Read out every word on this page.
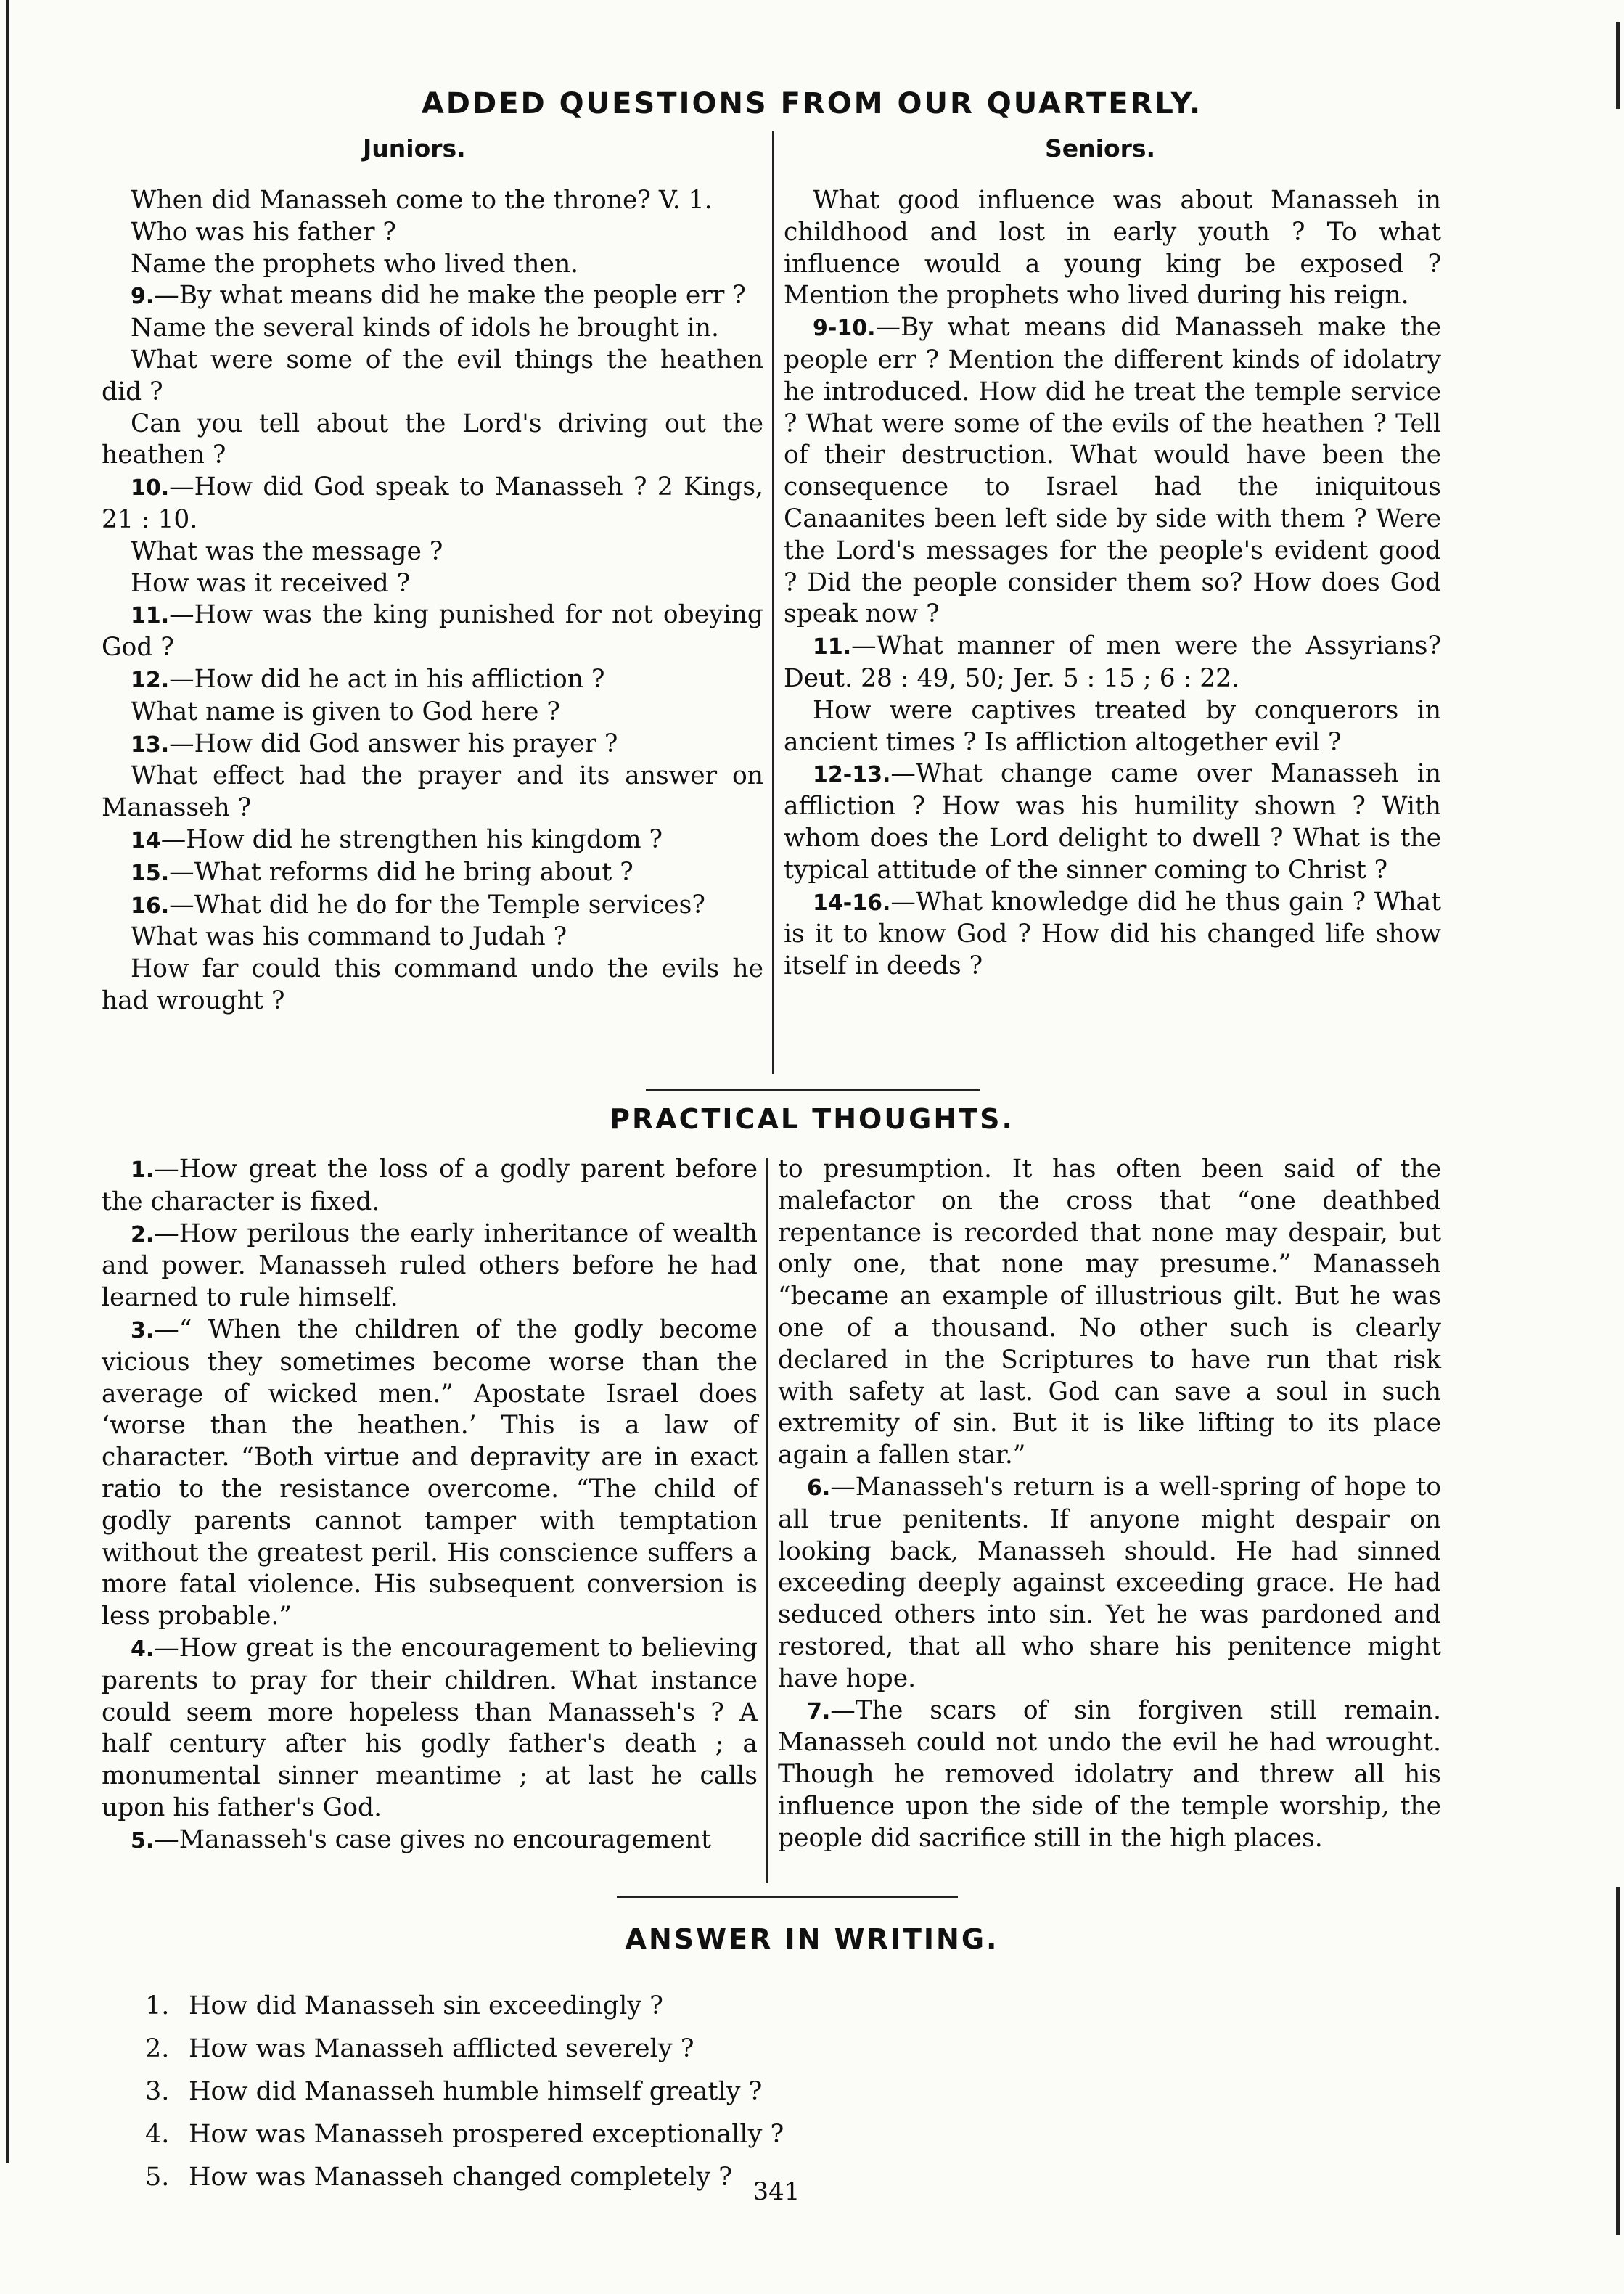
ADDED QUESTIONS FROM OUR QUARTERLY.
Juniors.	Seniors.

When did Manasseh come to the throne? V. 1.

Who was his father ?

Name the prophets who lived then.

9.—By what means did he make the people err ?

Name the several kinds of idols he brought in.

What were some of the evil things the heathen did ?

Can you tell about the Lord's driving out the heathen ?

10.—How did God speak to Manasseh ? 2 Kings, 21 : 10.

What was the message ?

How was it received ?

11.—How was the king punished for not obeying God ?

12.—How did he act in his affliction ?

What name is given to God here ?

13.—How did God answer his prayer ?

What effect had the prayer and its answer on Manasseh ?

14—How did he strengthen his kingdom ?

15.—What reforms did he bring about ?

16.—What did he do for the Temple services?

What was his command to Judah ?

How far could this command undo the evils he had wrought ?

What good influence was about Manasseh in childhood and lost in early youth ? To what influence would a young king be exposed ? Mention the prophets who lived during his reign.

9-10.—By what means did Manasseh make the people err ? Mention the different kinds of idolatry he introduced. How did he treat the temple service ? What were some of the evils of the heathen ? Tell of their destruction. What would have been the consequence to Israel had the iniquitous Canaanites been left side by side with them ? Were the Lord's messages for the people's evident good ? Did the people consider them so? How does God speak now ?

11.—What manner of men were the Assyrians? Deut. 28 : 49, 50; Jer. 5 : 15 ; 6 : 22.

How were captives treated by conquerors in ancient times ? Is affliction altogether evil ?

12-13.—What change came over Manasseh in affliction ? How was his humility shown ? With whom does the Lord delight to dwell ? What is the typical attitude of the sinner coming to Christ ?

14-16.—What knowledge did he thus gain ? What is it to know God ? How did his changed life show itself in deeds ?

PRACTICAL THOUGHTS.

1.—How great the loss of a godly parent before the character is fixed.

2.—How perilous the early inheritance of wealth and power. Manasseh ruled others before he had learned to rule himself.

3.—“ When the children of the godly become vicious they sometimes become worse than the average of wicked men.” Apostate Israel does ‘worse than the heathen.’ This is a law of character. “Both virtue and depravity are in exact ratio to the resistance overcome. “The child of godly parents cannot tamper with temptation without the greatest peril. His conscience suffers a more fatal violence. His subsequent conversion is less probable.”

4.—How great is the encouragement to believing parents to pray for their children. What instance could seem more hopeless than Manasseh's ? A half century after his godly father's death ; a monumental sinner meantime ; at last he calls upon his father's God.

5.—Manasseh's case gives no encouragement

to presumption. It has often been said of the malefactor on the cross that “one deathbed repentance is recorded that none may despair, but only one, that none may presume.” Manasseh “became an example of illustrious gilt. But he was one of a thousand. No other such is clearly declared in the Scriptures to have run that risk with safety at last. God can save a soul in such extremity of sin. But it is like lifting to its place again a fallen star.”

6.—Manasseh's return is a well-spring of hope to all true penitents. If anyone might despair on looking back, Manasseh should. He had sinned exceeding deeply against exceeding grace. He had seduced others into sin. Yet he was pardoned and restored, that all who share his penitence might have hope.

7.—The scars of sin forgiven still remain. Manasseh could not undo the evil he had wrought. Though he removed idolatry and threw all his influence upon the side of the temple worship, the people did sacrifice still in the high places.

ANSWER IN WRITING.
1. How did Manasseh sin exceedingly ?
2. How was Manasseh afflicted severely ?
3. How did Manasseh humble himself greatly ?
4. How was Manasseh prospered exceptionally ?
5. How was Manasseh changed completely ? 341
